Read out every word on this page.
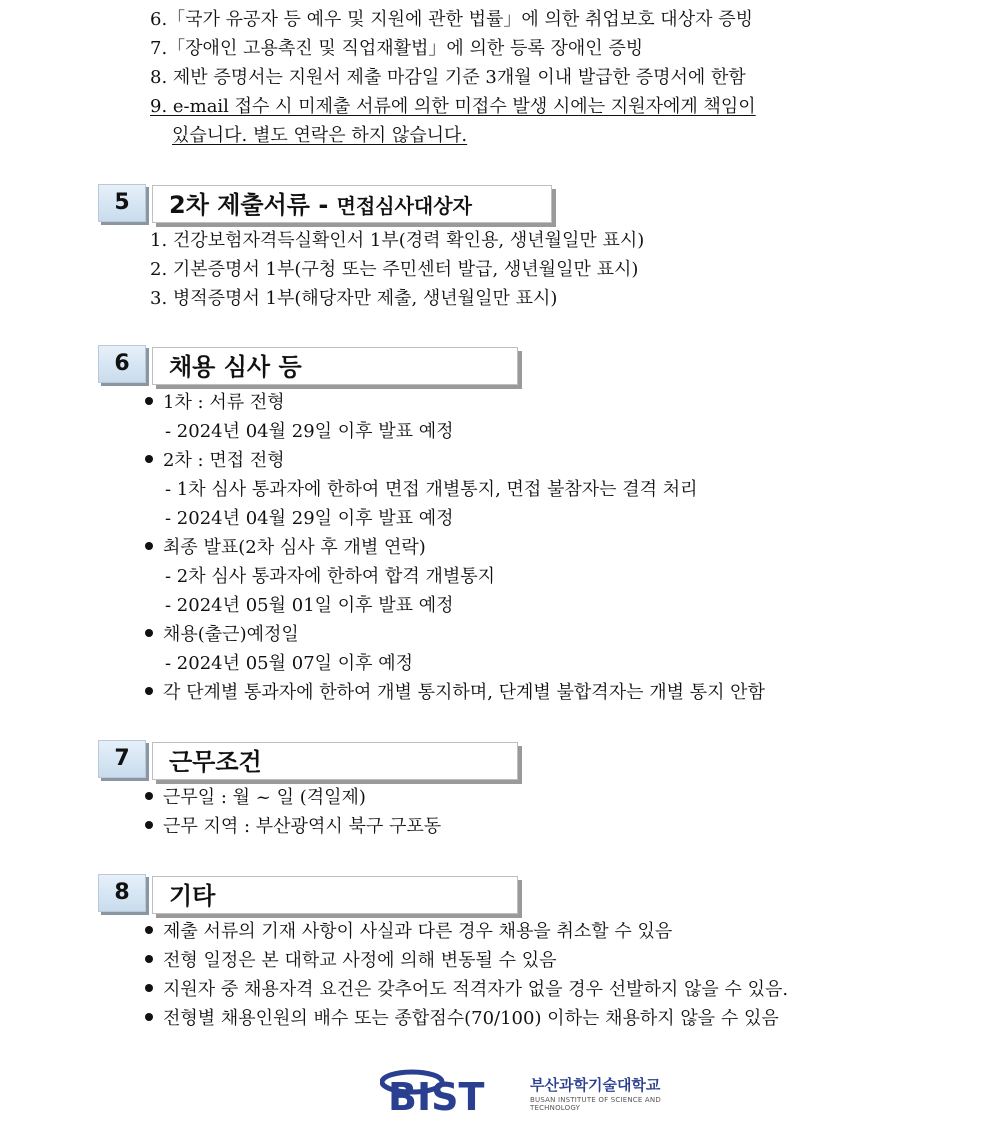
6.「국가 유공자 등 예우 및 지원에 관한 법률」에 의한 취업보호 대상자 증빙
7.「장애인 고용촉진 및 직업재활법」에 의한 등록 장애인 증빙
8. 제반 증명서는 지원서 제출 마감일 기준 3개월 이내 발급한 증명서에 한함
9. e-mail 접수 시 미제출 서류에 의한 미접수 발생 시에는 지원자에게 책임이
있습니다. 별도 연락은 하지 않습니다.
5	2차 제출서류 - 면접심사대상자
1. 건강보험자격득실확인서 1부(경력 확인용, 생년월일만 표시)
2. 기본증명서 1부(구청 또는 주민센터 발급, 생년월일만 표시)
3. 병적증명서 1부(해당자만 제출, 생년월일만 표시)
6	채용 심사 등
1차 : 서류 전형
- 2024년 04월 29일 이후 발표 예정
2차 : 면접 전형
- 1차 심사 통과자에 한하여 면접 개별통지, 면접 불참자는 결격 처리
- 2024년 04월 29일 이후 발표 예정
최종 발표(2차 심사 후 개별 연락)
- 2차 심사 통과자에 한하여 합격 개별통지
- 2024년 05월 01일 이후 발표 예정
채용(출근)예정일
- 2024년 05월 07일 이후 예정
각 단계별 통과자에 한하여 개별 통지하며, 단계별 불합격자는 개별 통지 안함
7	근무조건
근무일 : 월 ~ 일 (격일제)
근무 지역 : 부산광역시 북구 구포동
8	기타
제출 서류의 기재 사항이 사실과 다른 경우 채용을 취소할 수 있음
전형 일정은 본 대학교 사정에 의해 변동될 수 있음
지원자 중 채용자격 요건은 갖추어도 적격자가 없을 경우 선발하지 않을 수 있음.
전형별 채용인원의 배수 또는 종합점수(70/100) 이하는 채용하지 않을 수 있음
BIST	부산과학기술대학교
BUSAN INSTITUTE OF SCIENCE AND TECHNOLOGY
